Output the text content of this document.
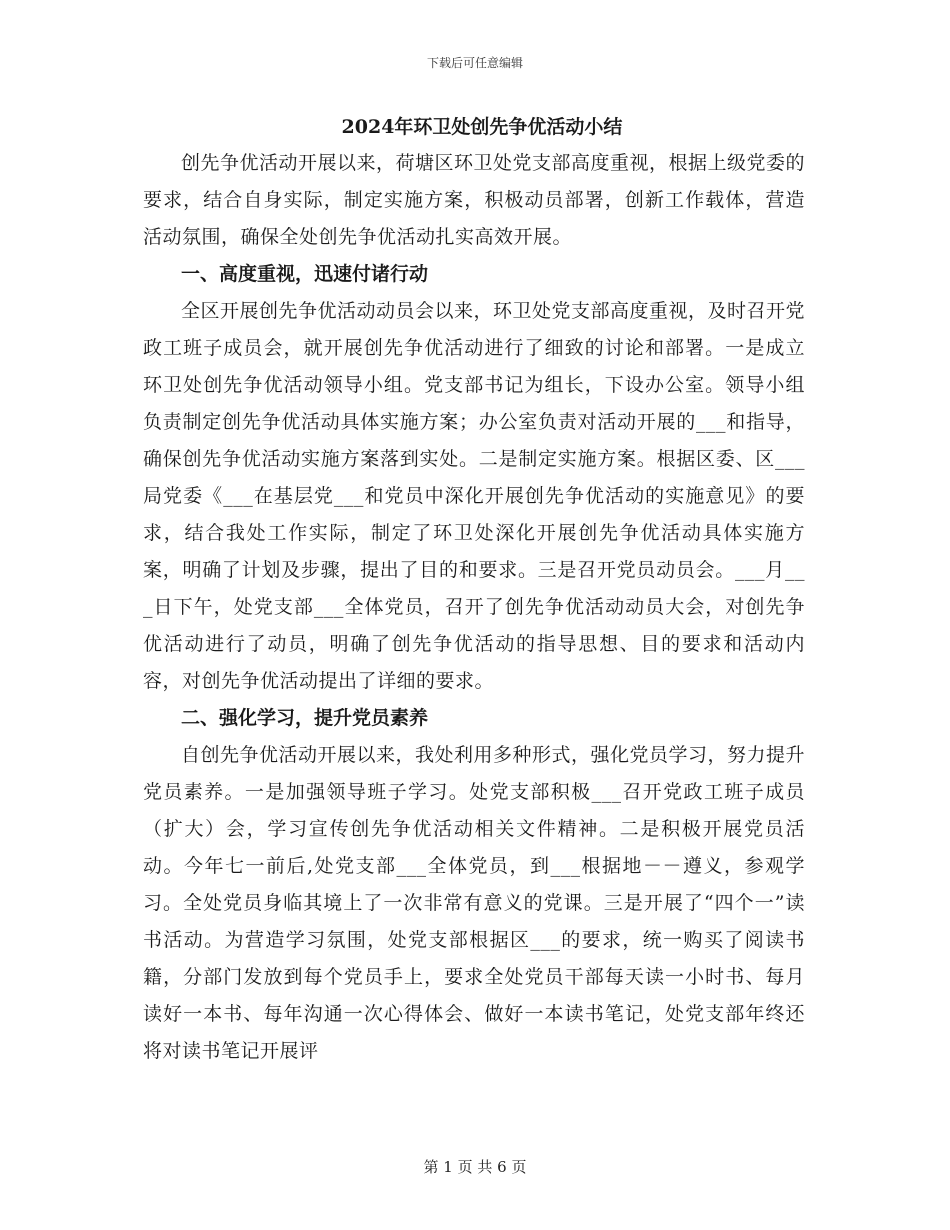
下载后可任意编辑
2024年环卫处创先争优活动小结

创先争优活动开展以来，荷塘区环卫处党支部高度重视，根据上级党委的要求，结合自身实际，制定实施方案，积极动员部署，创新工作载体，营造活动氛围，确保全处创先争优活动扎实高效开展。

一、高度重视，迅速付诸行动

全区开展创先争优活动动员会以来，环卫处党支部高度重视，及时召开党政工班子成员会，就开展创先争优活动进行了细致的讨论和部署。一是成立环卫处创先争优活动领导小组。党支部书记为组长，下设办公室。领导小组负责制定创先争优活动具体实施方案；办公室负责对活动开展的___和指导，确保创先争优活动实施方案落到实处。二是制定实施方案。根据区委、区___局党委《___在基层党___和党员中深化开展创先争优活动的实施意见》的要求，结合我处工作实际，制定了环卫处深化开展创先争优活动具体实施方案，明确了计划及步骤，提出了目的和要求。三是召开党员动员会。___月___日下午，处党支部___全体党员，召开了创先争优活动动员大会，对创先争优活动进行了动员，明确了创先争优活动的指导思想、目的要求和活动内容，对创先争优活动提出了详细的要求。

二、强化学习，提升党员素养

自创先争优活动开展以来，我处利用多种形式，强化党员学习，努力提升党员素养。一是加强领导班子学习。处党支部积极___召开党政工班子成员（扩大）会，学习宣传创先争优活动相关文件精神。二是积极开展党员活动。今年七一前后,处党支部___全体党员，到___根据地－－遵义，参观学习。全处党员身临其境上了一次非常有意义的党课。三是开展了“四个一”读书活动。为营造学习氛围，处党支部根据区___的要求，统一购买了阅读书籍，分部门发放到每个党员手上，要求全处党员干部每天读一小时书、每月读好一本书、每年沟通一次心得体会、做好一本读书笔记，处党支部年终还将对读书笔记开展评

第 1 页 共 6 页
